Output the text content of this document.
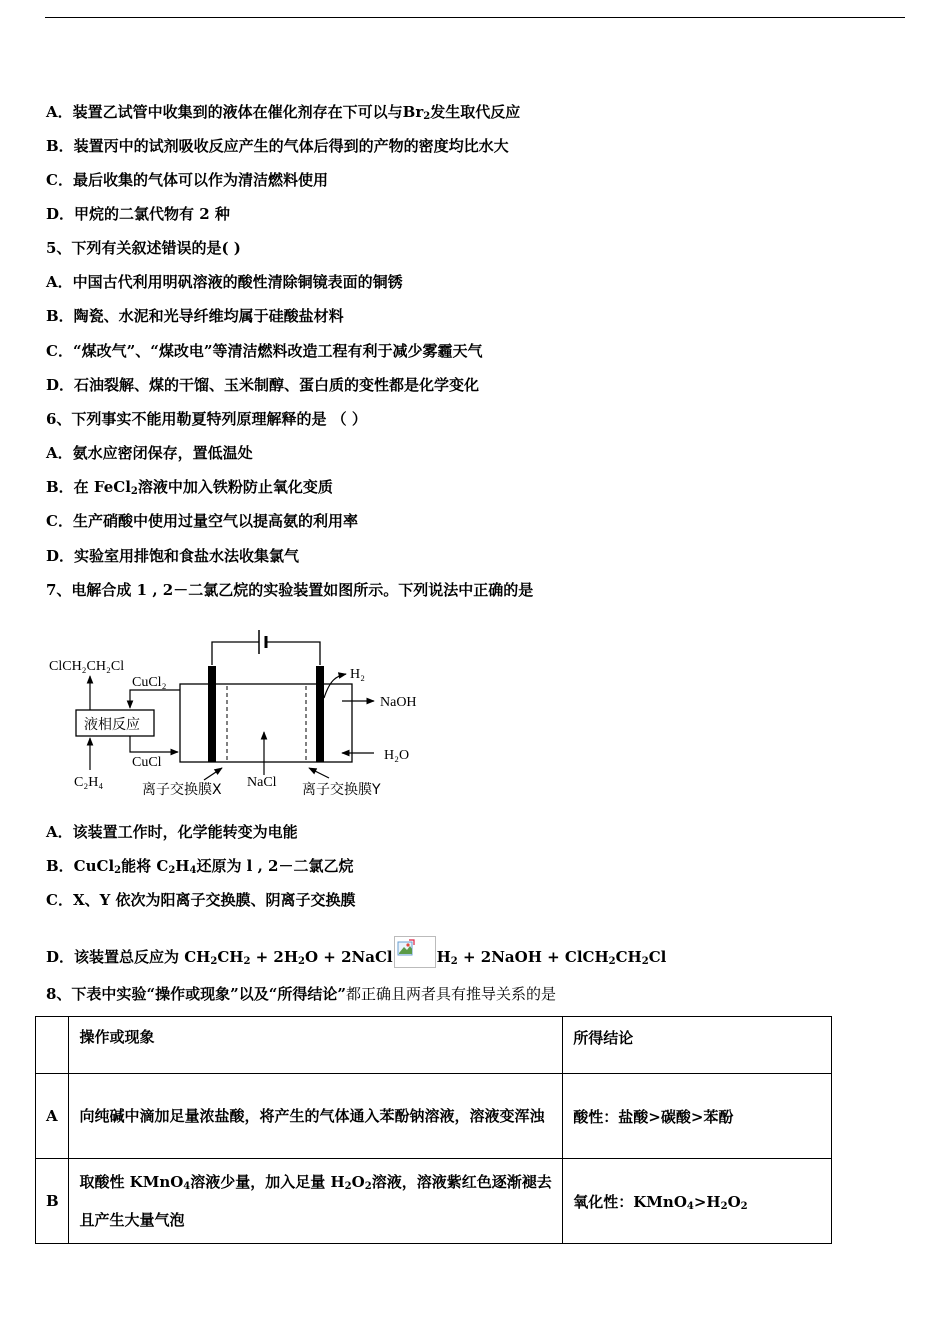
A．装置乙试管中收集到的液体在催化剂存在下可以与$Br_2$发生取代反应
B．装置丙中的试剂吸收反应产生的气体后得到的产物的密度均比水大
C．最后收集的气体可以作为清洁燃料使用
D．甲烷的二氯代物有 2 种
5、下列有关叙述错误的是( )
A．中国古代利用明矾溶液的酸性清除铜镜表面的铜锈
B．陶瓷、水泥和光导纤维均属于硅酸盐材料
C．“煤改气”、“煤改电”等清洁燃料改造工程有利于减少雾霾天气
D．石油裂解、煤的干馏、玉米制醇、蛋白质的变性都是化学变化
6、下列事实不能用勒夏特列原理解释的是 （ ）
A．氨水应密闭保存，置低温处
B．在 FeCl$_2$溶液中加入铁粉防止氧化变质
C．生产硝酸中使用过量空气以提高氨的利用率
D．实验室用排饱和食盐水法收集氯气
7、电解合成 1 , 2－二氯乙烷的实验装置如图所示。下列说法中正确的是
液相反应
CuCl₂
CuCl
ClCH₂CH₂Cl
C₂H₄	离子交换膜X NaCl 离子交换膜Y
H₂
NaOH
H₂O
A．该装置工作时，化学能转变为电能
B．CuCl$_2$能将 $C_2H_4$还原为 l , 2－二氯乙烷
C．X、Y 依次为阳离子交换膜、阴离子交换膜
D．该装置总反应为 $CH_2CH_2 + 2H_2O$ + 2NaCl	$H_2$ + 2NaOH + $ClCH_2CH_2Cl$
8、下表中实验“操作或现象”以及“所得结论”都正确且两者具有推导关系的是
	操作或现象	所得结论
A	向纯碱中滴加足量浓盐酸，将产生的气体通入苯酚钠溶液，溶液变浑浊	酸性：盐酸>碳酸>苯酚
B	取酸性 KMnO$_4$溶液少量，加入足量 $H_2O_2$溶液，溶液紫红色逐渐褪去且产生大量气泡	氧化性：$KMnO_4>H_2O_2$
